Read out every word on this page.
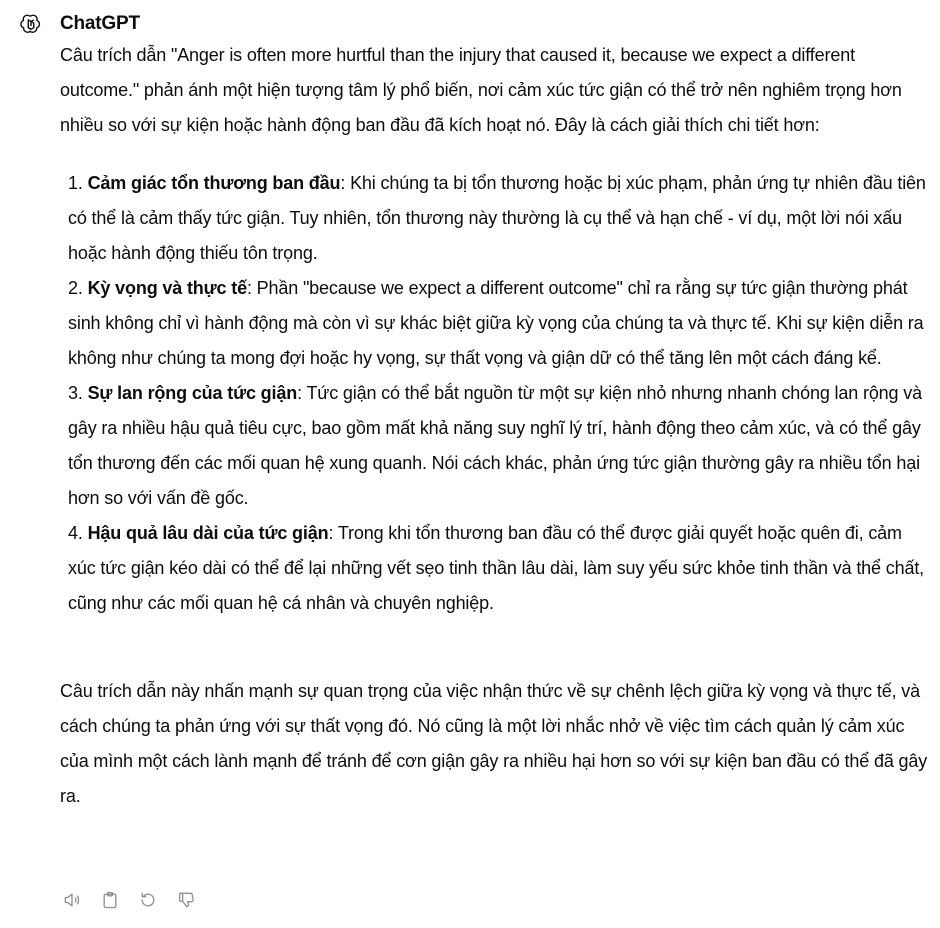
ChatGPT

Câu trích dẫn "Anger is often more hurtful than the injury that caused it, because we expect a different outcome." phản ánh một hiện tượng tâm lý phổ biến, nơi cảm xúc tức giận có thể trở nên nghiêm trọng hơn nhiều so với sự kiện hoặc hành động ban đầu đã kích hoạt nó. Đây là cách giải thích chi tiết hơn:

1. Cảm giác tổn thương ban đầu: Khi chúng ta bị tổn thương hoặc bị xúc phạm, phản ứng tự nhiên đầu tiên có thể là cảm thấy tức giận. Tuy nhiên, tổn thương này thường là cụ thể và hạn chế - ví dụ, một lời nói xấu hoặc hành động thiếu tôn trọng.
2. Kỳ vọng và thực tế: Phần "because we expect a different outcome" chỉ ra rằng sự tức giận thường phát sinh không chỉ vì hành động mà còn vì sự khác biệt giữa kỳ vọng của chúng ta và thực tế. Khi sự kiện diễn ra không như chúng ta mong đợi hoặc hy vọng, sự thất vọng và giận dữ có thể tăng lên một cách đáng kể.
3. Sự lan rộng của tức giận: Tức giận có thể bắt nguồn từ một sự kiện nhỏ nhưng nhanh chóng lan rộng và gây ra nhiều hậu quả tiêu cực, bao gồm mất khả năng suy nghĩ lý trí, hành động theo cảm xúc, và có thể gây tổn thương đến các mối quan hệ xung quanh. Nói cách khác, phản ứng tức giận thường gây ra nhiều tổn hại hơn so với vấn đề gốc.
4. Hậu quả lâu dài của tức giận: Trong khi tổn thương ban đầu có thể được giải quyết hoặc quên đi, cảm xúc tức giận kéo dài có thể để lại những vết sẹo tinh thần lâu dài, làm suy yếu sức khỏe tinh thần và thể chất, cũng như các mối quan hệ cá nhân và chuyên nghiệp.

Câu trích dẫn này nhấn mạnh sự quan trọng của việc nhận thức về sự chênh lệch giữa kỳ vọng và thực tế, và cách chúng ta phản ứng với sự thất vọng đó. Nó cũng là một lời nhắc nhở về việc tìm cách quản lý cảm xúc của mình một cách lành mạnh để tránh để cơn giận gây ra nhiều hại hơn so với sự kiện ban đầu có thể đã gây ra.
